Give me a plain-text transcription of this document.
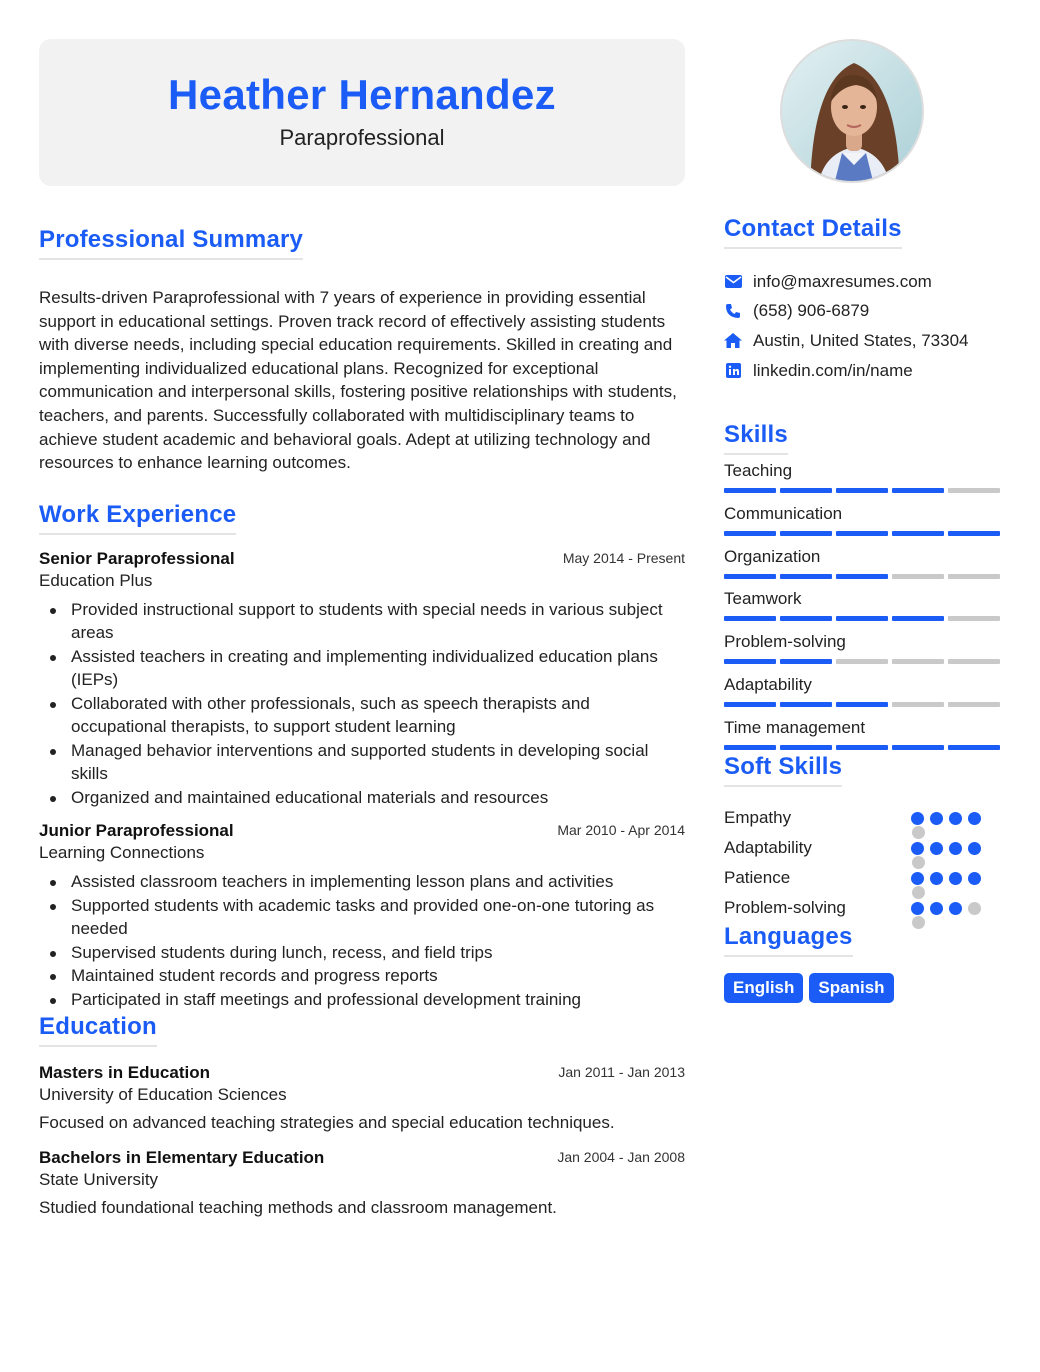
Heather Hernandez
Paraprofessional
Professional Summary

Results-driven Paraprofessional with 7 years of experience in providing essential support in educational settings. Proven track record of effectively assisting students with diverse needs, including special education requirements. Skilled in creating and implementing individualized educational plans. Recognized for exceptional communication and interpersonal skills, fostering positive relationships with students, teachers, and parents. Successfully collaborated with multidisciplinary teams to achieve student academic and behavioral goals. Adept at utilizing technology and resources to enhance learning outcomes.

Work Experience
Senior Paraprofessional	May 2014 - Present
Education Plus
Provided instructional support to students with special needs in various subject areas
Assisted teachers in creating and implementing individualized education plans (IEPs)
Collaborated with other professionals, such as speech therapists and occupational therapists, to support student learning
Managed behavior interventions and supported students in developing social skills
Organized and maintained educational materials and resources
Junior Paraprofessional	Mar 2010 - Apr 2014
Learning Connections
Assisted classroom teachers in implementing lesson plans and activities
Supported students with academic tasks and provided one-on-one tutoring as needed
Supervised students during lunch, recess, and field trips
Maintained student records and progress reports
Participated in staff meetings and professional development training
Education
Masters in Education	Jan 2011 - Jan 2013
University of Education Sciences
Focused on advanced teaching strategies and special education techniques.
Bachelors in Elementary Education	Jan 2004 - Jan 2008
State University
Studied foundational teaching methods and classroom management.
Contact Details
info@maxresumes.com
(658) 906-6879
Austin, United States, 73304
linkedin.com/in/name
Skills
Teaching
Communication
Organization
Teamwork
Problem-solving
Adaptability
Time management
Soft Skills
Empathy
Adaptability
Patience
Problem-solving
Languages
English	Spanish
